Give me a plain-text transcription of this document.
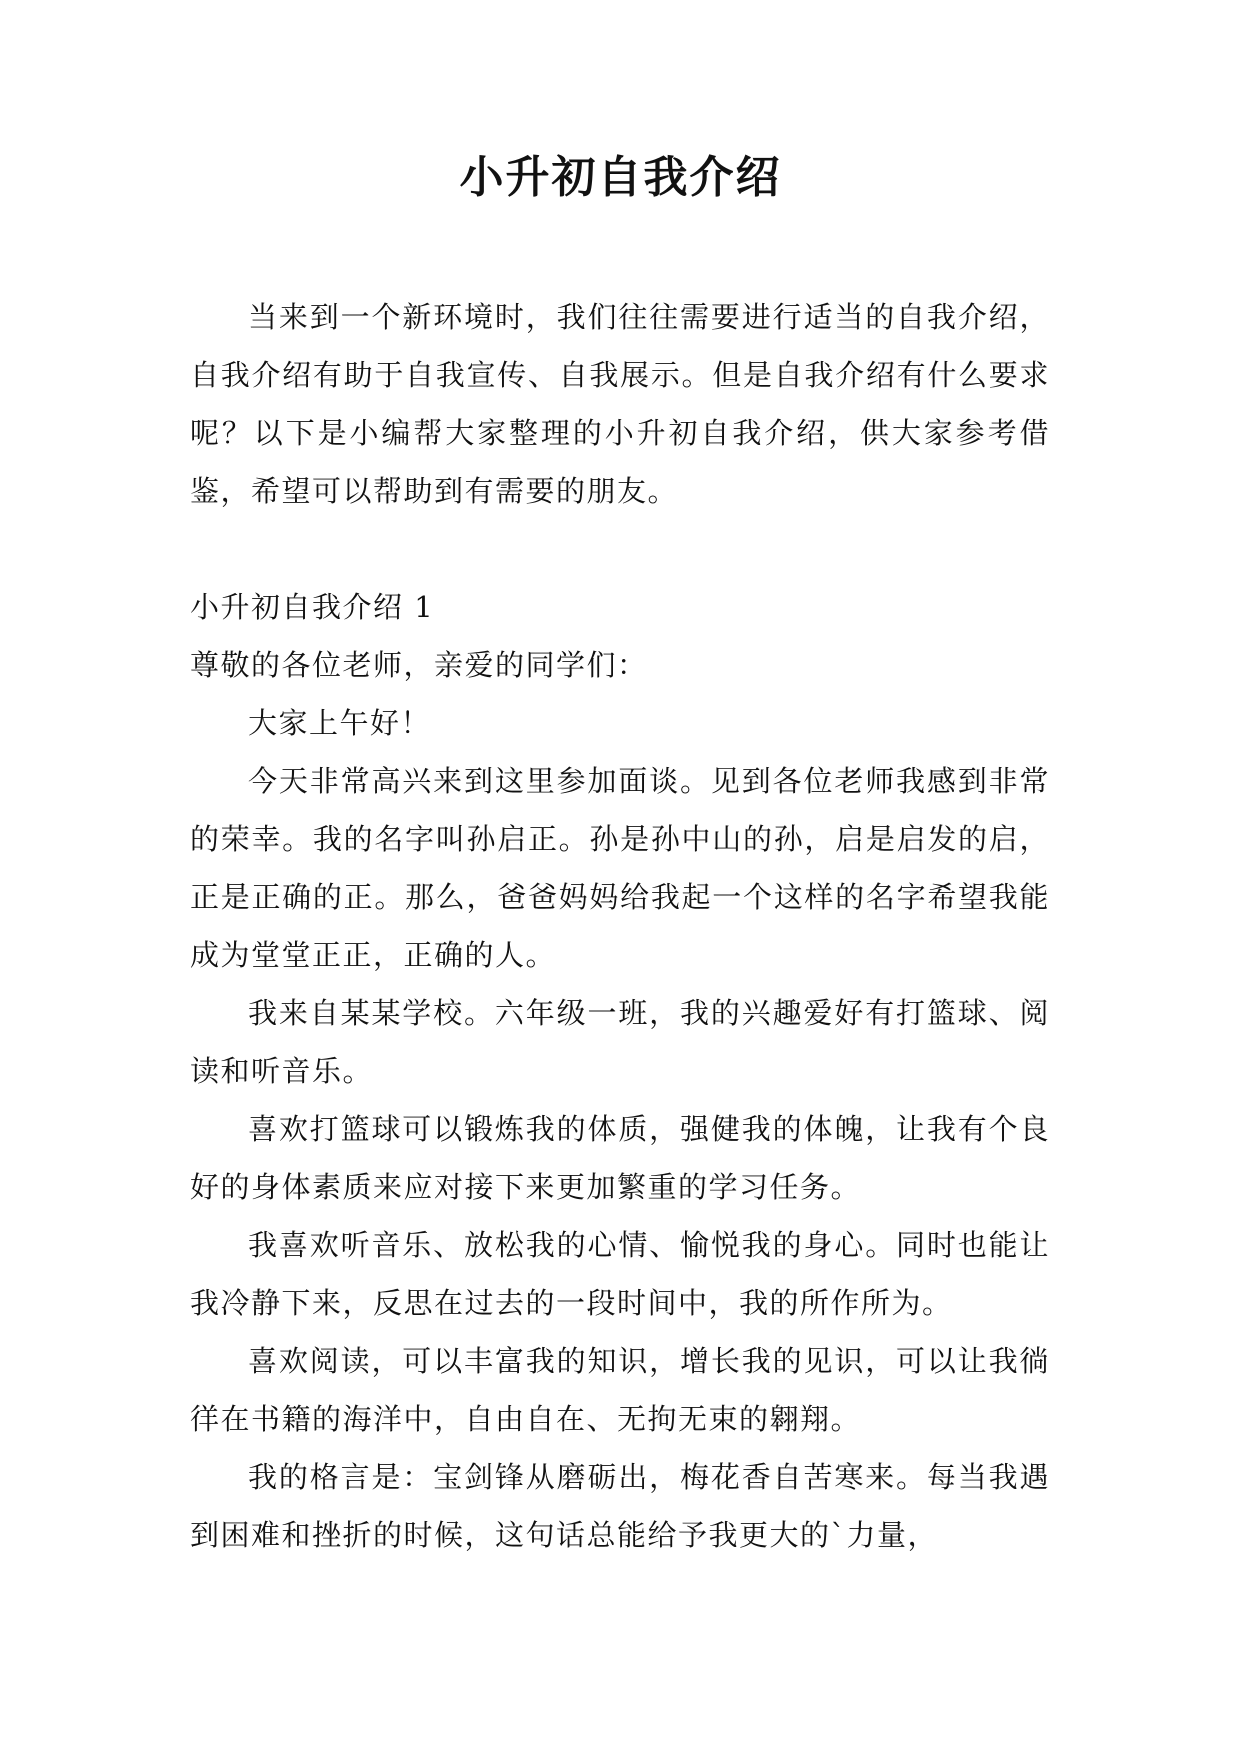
小升初自我介绍

当来到一个新环境时，我们往往需要进行适当的自我介绍，自我介绍有助于自我宣传、自我展示。但是自我介绍有什么要求呢？以下是小编帮大家整理的小升初自我介绍，供大家参考借鉴，希望可以帮助到有需要的朋友。

小升初自我介绍 1

尊敬的各位老师，亲爱的同学们：

大家上午好！

今天非常高兴来到这里参加面谈。见到各位老师我感到非常的荣幸。我的名字叫孙启正。孙是孙中山的孙，启是启发的启，正是正确的正。那么，爸爸妈妈给我起一个这样的名字希望我能成为堂堂正正，正确的人。

我来自某某学校。六年级一班，我的兴趣爱好有打篮球、阅读和听音乐。

喜欢打篮球可以锻炼我的体质，强健我的体魄，让我有个良好的身体素质来应对接下来更加繁重的学习任务。

我喜欢听音乐、放松我的心情、愉悦我的身心。同时也能让我冷静下来，反思在过去的一段时间中，我的所作所为。

喜欢阅读，可以丰富我的知识，增长我的见识，可以让我徜徉在书籍的海洋中，自由自在、无拘无束的翱翔。

我的格言是：宝剑锋从磨砺出，梅花香自苦寒来。每当我遇到困难和挫折的时候，这句话总能给予我更大的`力量，
